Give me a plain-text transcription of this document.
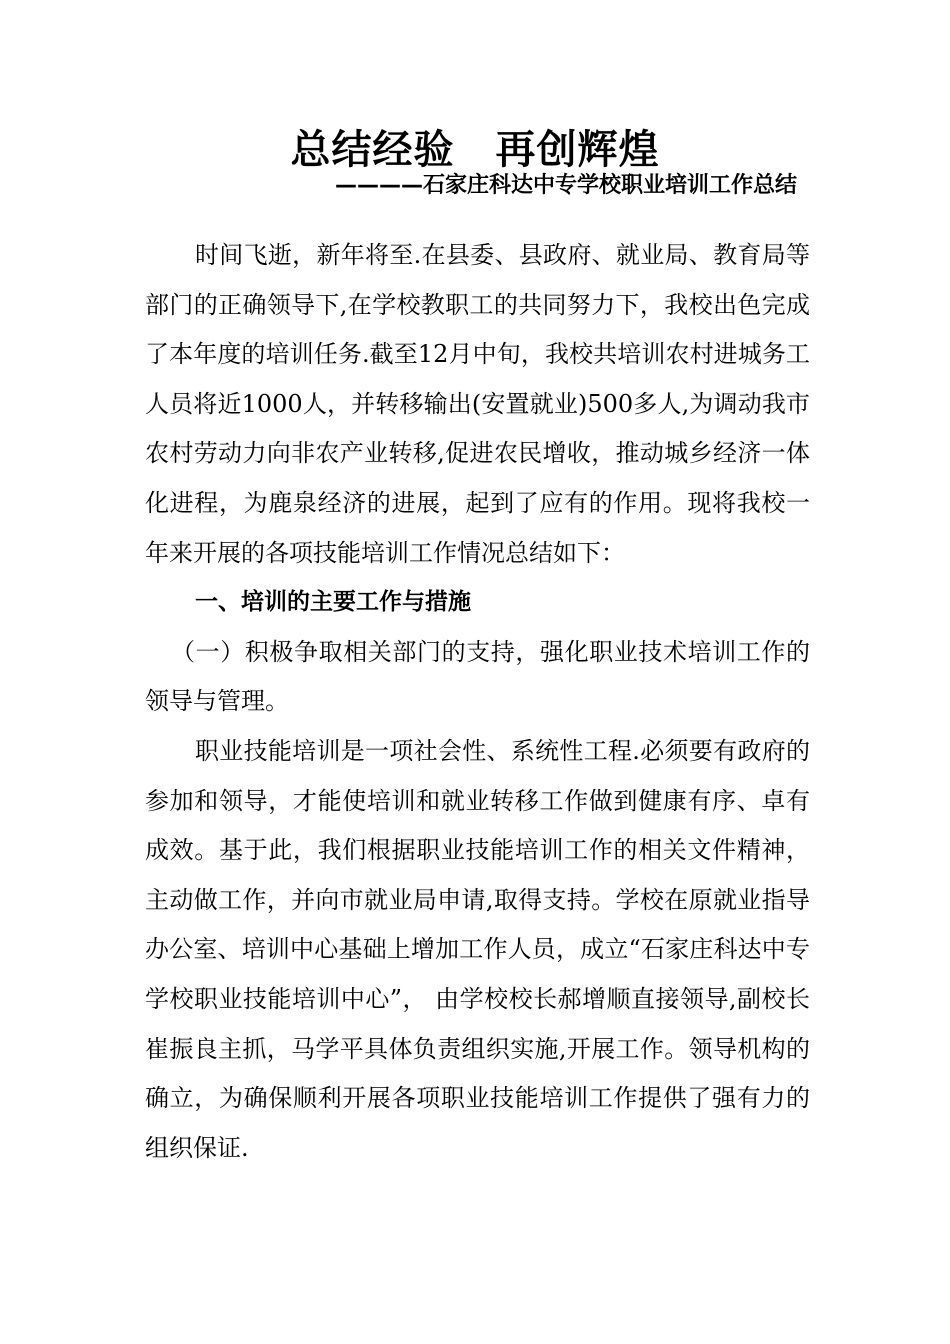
总结经验　再创辉煌
————石家庄科达中专学校职业培训工作总结

时间飞逝，新年将至.在县委、县政府、就业局、教育局等部门的正确领导下,在学校教职工的共同努力下，我校出色完成了本年度的培训任务.截至12月中旬，我校共培训农村进城务工人员将近1000人，并转移输出(安置就业)500多人,为调动我市农村劳动力向非农产业转移,促进农民增收，推动城乡经济一体化进程，为鹿泉经济的进展，起到了应有的作用。现将我校一年来开展的各项技能培训工作情况总结如下：

一、培训的主要工作与措施

（一）积极争取相关部门的支持，强化职业技术培训工作的领导与管理。

职业技能培训是一项社会性、系统性工程.必须要有政府的参加和领导，才能使培训和就业转移工作做到健康有序、卓有成效。基于此，我们根据职业技能培训工作的相关文件精神，主动做工作，并向市就业局申请,取得支持。学校在原就业指导办公室、培训中心基础上增加工作人员，成立“石家庄科达中专学校职业技能培训中心”， 由学校校长郝增顺直接领导,副校长崔振良主抓，马学平具体负责组织实施,开展工作。领导机构的确立，为确保顺利开展各项职业技能培训工作提供了强有力的组织保证.
